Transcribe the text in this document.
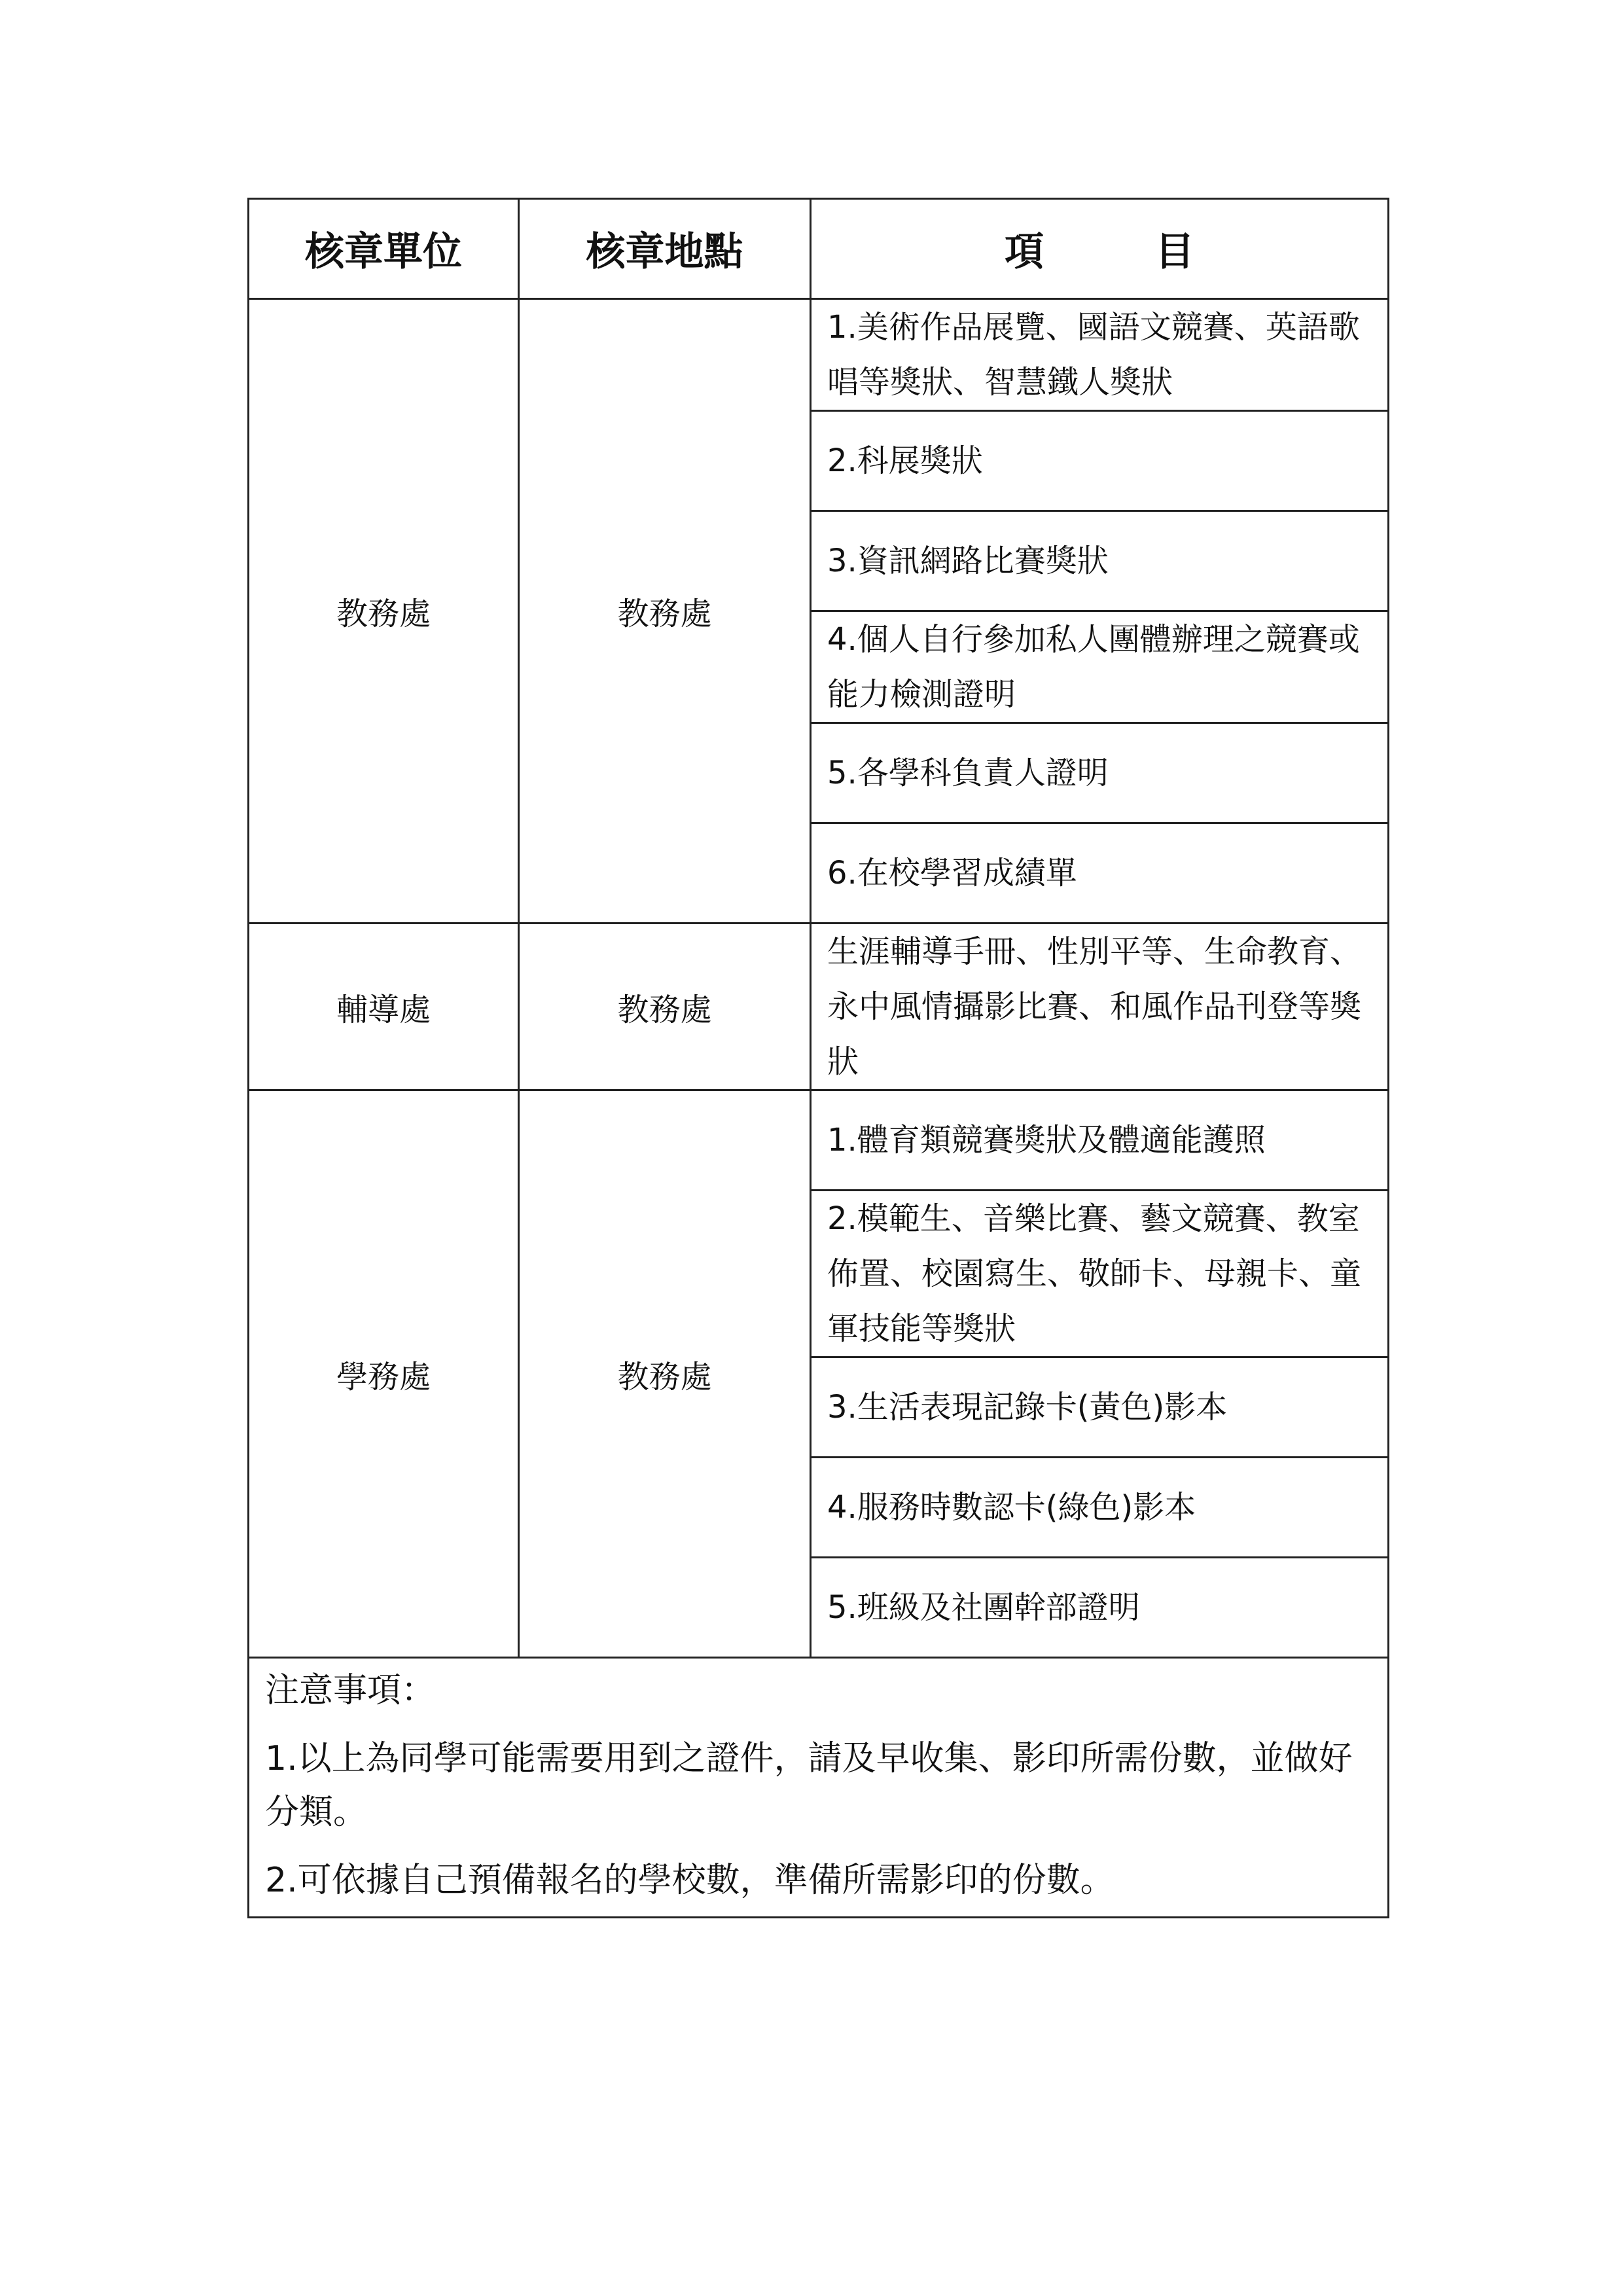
核章單位	核章地點	項 目
教務處	教務處	1.美術作品展覽、國語文競賽、英語歌唱等獎狀、智慧鐵人獎狀
		2.科展獎狀
		3.資訊網路比賽獎狀
		4.個人自行參加私人團體辦理之競賽或能力檢測證明
		5.各學科負責人證明
		6.在校學習成績單
輔導處	教務處	生涯輔導手冊、性別平等、生命教育、永中風情攝影比賽、和風作品刊登等獎狀
學務處	教務處	1.體育類競賽獎狀及體適能護照
		2.模範生、音樂比賽、藝文競賽、教室佈置、校園寫生、敬師卡、母親卡、童軍技能等獎狀
		3.生活表現記錄卡(黃色)影本
		4.服務時數認卡(綠色)影本
		5.班級及社團幹部證明

注意事項：
1.以上為同學可能需要用到之證件，請及早收集、影印所需份數，並做好分類。
2.可依據自己預備報名的學校數，準備所需影印的份數。		
